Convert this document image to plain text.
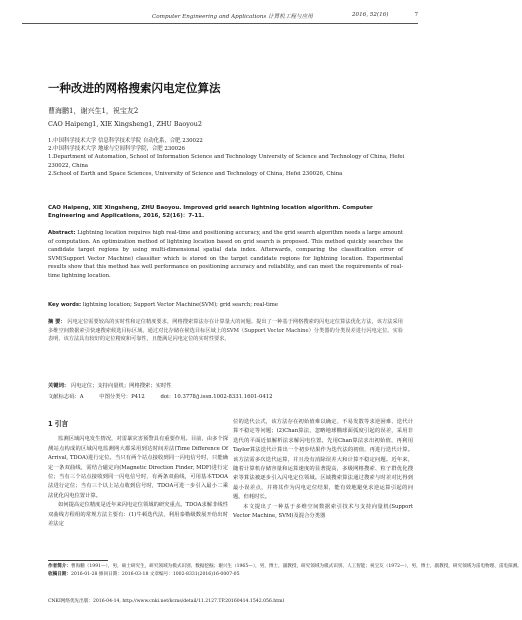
Computer Engineering and Applications 计算机工程与应用	2016, 52(16)	7
一种改进的网格搜索闪电定位算法
曹海鹏1，谢兴生1，祝宝友2
CAO Haipeng1, XIE Xingsheng1, ZHU Baoyou2
1.中国科学技术大学 信息科学技术学院 自动化系，合肥 230022
2.中国科学技术大学 地球与空间科学学院，合肥 230026
1.Department of Automation, School of Information Science and Technology University of Science and Technology of China, Hefei 230022, China
2.School of Earth and Space Sciences, University of Science and Technology of China, Hefei 230026, China
CAO Haipeng, XIE Xingsheng, ZHU Baoyou. Improved grid search lightning location algorithm. Computer Engineering and Applications, 2016, 52(16)：7-11.
Abstract: Lightning location requires high real-time and positioning accuracy, and the grid search algorithm needs a large amount of computation. An optimization method of lightning location based on grid search is proposed. This method quickly searches the candidate target regions by using multi-dimensional spatial data index. Afterwards, comparing the classification error of SVM(Support Vector Machine) classifier which is stored on the target candidate regions for lightning location. Experimental results show that this method has well performance on positioning accuracy and reliability, and can meet the requirements of real-time lightning location.
Key words: lightning location; Support Vector Machine(SVM); grid search; real-time
摘 要： 闪电定位需要较高的实时性和定位精度要求，网格搜索算法存在计算量大的问题。提出了一种基于网格搜索的闪电定位算法优化方法，该方法采用多维空间数据索引快速搜索候选目标区域，通过对比存储在候选目标区域上的SVM（Support Vector Machine）分类器的分类误差进行闪电定位。实验表明，该方法具有较好的定位精度和可靠性，且能满足闪电定位的实时性要求。
关键词： 闪电定位；支持向量机；网格搜索；实时性
文献标志码：A	中图分类号：P412	doi：10.3778/j.issn.1002-8331.1601-0412
1 引言

监测区域闪电发生情况，对雷暴灾害预警具有重要作用。目前，由多个探测站点构成的区域闪电监测网大都采用到达时间差法(Time Difference Of Arrival, TDOA)进行定位。当只有两个站点接收到同一闪电信号时，只能确定一条双曲线，需结合磁定向(Magnetic Direction Finder, MDF)进行定位；当有三个站点接收到同一闪电信号时，有两条双曲线，可用基本TDOA法进行定位；当有三个以上站点收到信号时，TDOA可进一步引入最小二乘法优化闪电位置计算。

如何提高定位精度是近年来闪电定位领域的研究重点。TDOA求解非线性双曲线方程组的常规方法主要有：(1)牛顿迭代法，利用泰勒级数展开给出时差法定

位的迭代公式，该方法存在初始值难以确定、不易发散等求逆困难、迭代计算不稳定等问题；(2)Chan算法，忽略地球椭球面弧度引起的误差，采用非迭代的平面近似解析法求解闪电位置。先用Chan算法求出初始值，再利用Taylor算法迭代计算出一个初步结果作为迭代法的初值，再进行迭代计算。该方法需多次迭代运算，并且没有消除误差大和计算不稳定问题。近年来，随着计算机存储容量和运算速度的显著提高，多级网格搜索、粒子群优化搜索等算法被逐步引入闪电定位领域。区域搜索算法通过搜索与时差对比得到最小误差点，并将其作为闪电定位结果，能有效地避免求逆运算引起的问题，但耗时长。

本文提出了一种基于多维空间数据索引技术与支持向量机(Support Vector Machine, SVM)及混合分类器

作者简介：曹海鹏（1991—），男，硕士研究生，研究领域为模式识别、数据挖掘；谢兴生（1965—），男，博士，副教授，研究领域为模式识别、人工智能；祝宝友（1972—），男，博士，副教授，研究领域为雷电物理、雷电探测。
收稿日期：2016-01-28 修回日期：2016-03-18 文章编号：1002-8331(2016)16-0007-05
CNKI网络优先出版：2016-04-14, http://www.cnki.net/kcms/detail/11.2127.TP.20160414.1542.056.html
